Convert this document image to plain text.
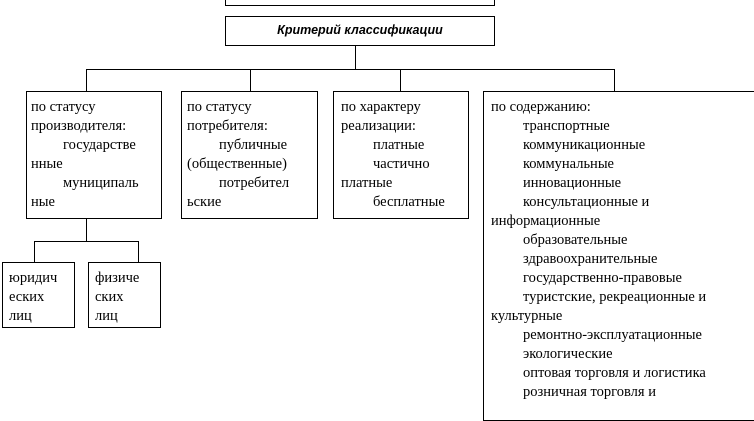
Критерий классификации
по статусу
производителя:
государстве
нные
муниципаль
ные
по статусу
потребителя:
публичные
(общественные)
потребител
ьские
по характеру
реализации:
платные
частично
платные
бесплатные
по содержанию:
транспортные
коммуникационные
коммунальные
инновационные
консультационные и
информационные
образовательные
здравоохранительные
государственно-правовые
туристские, рекреационные и
культурные
ремонтно-эксплуатационные
экологические
оптовая торговля и логистика
розничная торговля и
юридич
еских
лиц
физиче
ских
лиц
